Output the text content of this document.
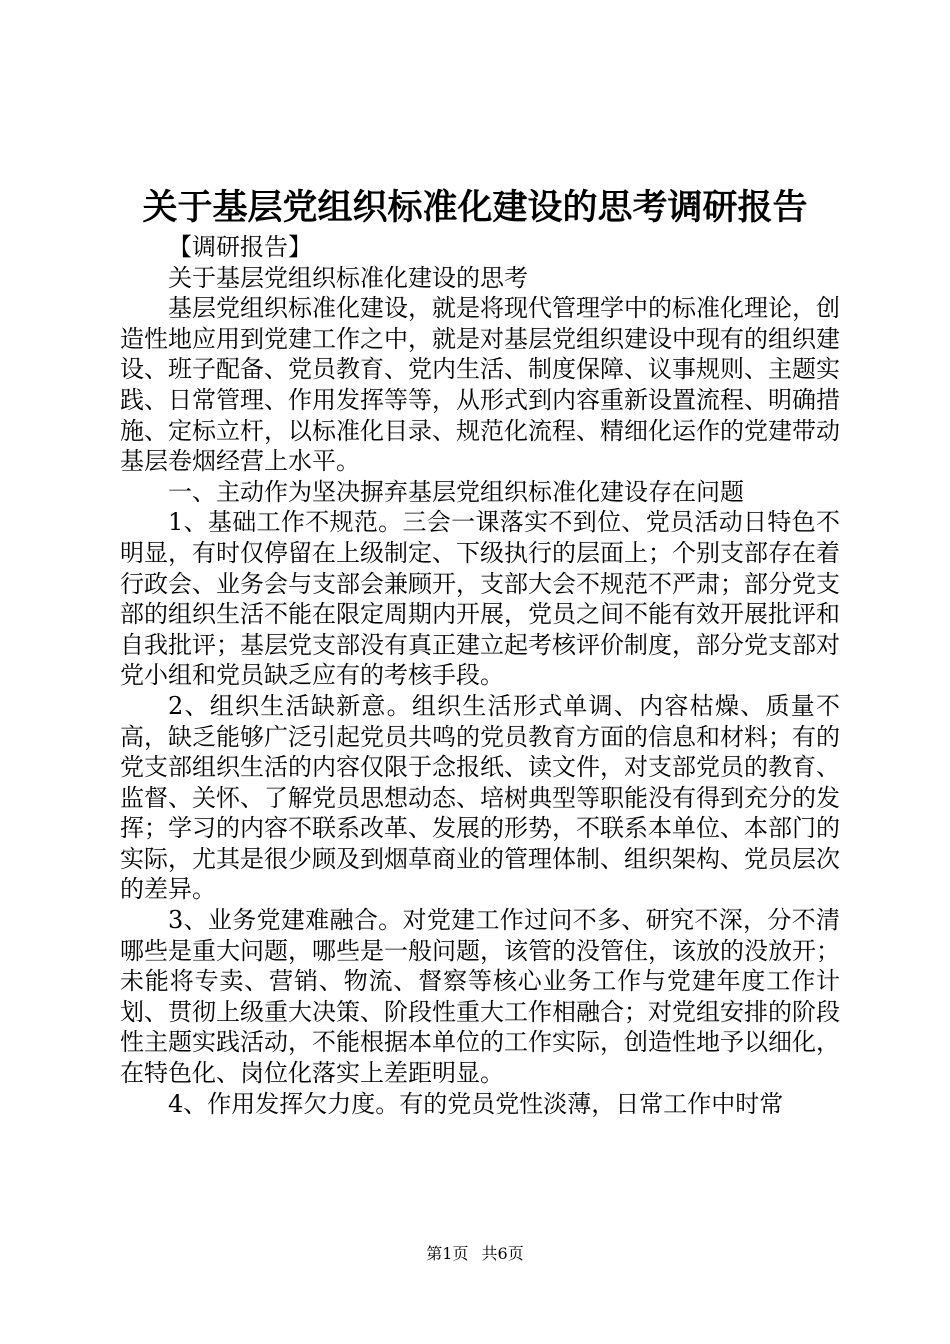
关于基层党组织标准化建设的思考调研报告

【调研报告】

关于基层党组织标准化建设的思考

基层党组织标准化建设，就是将现代管理学中的标准化理论，创造性地应用到党建工作之中，就是对基层党组织建设中现有的组织建设、班子配备、党员教育、党内生活、制度保障、议事规则、主题实践、日常管理、作用发挥等等，从形式到内容重新设置流程、明确措施、定标立杆，以标准化目录、规范化流程、精细化运作的党建带动基层卷烟经营上水平。

一、主动作为坚决摒弃基层党组织标准化建设存在问题

1、基础工作不规范。三会一课落实不到位、党员活动日特色不明显，有时仅停留在上级制定、下级执行的层面上；个别支部存在着行政会、业务会与支部会兼顾开，支部大会不规范不严肃；部分党支部的组织生活不能在限定周期内开展，党员之间不能有效开展批评和自我批评；基层党支部没有真正建立起考核评价制度，部分党支部对党小组和党员缺乏应有的考核手段。

2、组织生活缺新意。组织生活形式单调、内容枯燥、质量不高，缺乏能够广泛引起党员共鸣的党员教育方面的信息和材料；有的党支部组织生活的内容仅限于念报纸、读文件，对支部党员的教育、监督、关怀、了解党员思想动态、培树典型等职能没有得到充分的发挥；学习的内容不联系改革、发展的形势，不联系本单位、本部门的实际，尤其是很少顾及到烟草商业的管理体制、组织架构、党员层次的差异。

3、业务党建难融合。对党建工作过问不多、研究不深，分不清哪些是重大问题，哪些是一般问题，该管的没管住，该放的没放开；未能将专卖、营销、物流、督察等核心业务工作与党建年度工作计划、贯彻上级重大决策、阶段性重大工作相融合；对党组安排的阶段性主题实践活动，不能根据本单位的工作实际，创造性地予以细化，在特色化、岗位化落实上差距明显。

4、作用发挥欠力度。有的党员党性淡薄，日常工作中时常

第1页 共6页
